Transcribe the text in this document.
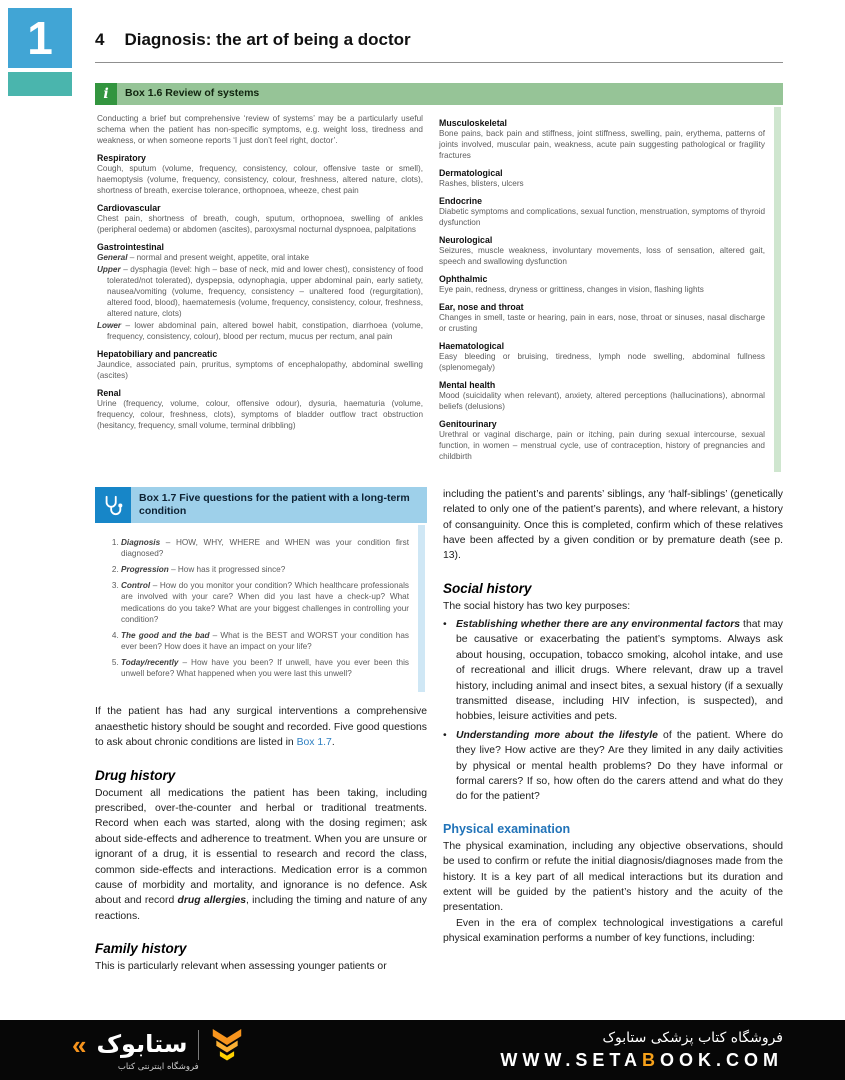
1 4 Diagnosis: the art of being a doctor
i	Box 1.6 Review of systems

Conducting a brief but comprehensive ‘review of systems’ may be a particularly useful schema when the patient has non-specific symptoms, e.g. weight loss, tiredness and weakness, or when someone reports ‘I just don’t feel right, doctor’.

Respiratory
Cough, sputum (volume, frequency, consistency, colour, offensive taste or smell), haemoptysis (volume, frequency, consistency, colour, freshness, altered nature, clots), shortness of breath, exercise tolerance, orthopnoea, wheeze, chest pain
Cardiovascular
Chest pain, shortness of breath, cough, sputum, orthopnoea, swelling of ankles (peripheral oedema) or abdomen (ascites), paroxysmal nocturnal dyspnoea, palpitations
Gastrointestinal
General – normal and present weight, appetite, oral intake
Upper – dysphagia (level: high – base of neck, mid and lower chest), consistency of food tolerated/not tolerated), dyspepsia, odynophagia, upper abdominal pain, early satiety, nausea/vomiting (volume, frequency, consistency – unaltered food (regurgitation), altered food, blood), haematemesis (volume, frequency, consistency, colour, freshness, altered nature, clots)
Lower – lower abdominal pain, altered bowel habit, constipation, diarrhoea (volume, frequency, consistency, colour), blood per rectum, mucus per rectum, anal pain
Hepatobiliary and pancreatic
Jaundice, associated pain, pruritus, symptoms of encephalopathy, abdominal swelling (ascites)
Renal
Urine (frequency, volume, colour, offensive odour), dysuria, haematuria (volume, frequency, colour, freshness, clots), symptoms of bladder outflow tract obstruction (hesitancy, frequency, small volume, terminal dribbling)
Musculoskeletal
Bone pains, back pain and stiffness, joint stiffness, swelling, pain, erythema, patterns of joints involved, muscular pain, weakness, acute pain suggesting pathological or fragility fractures
Dermatological
Rashes, blisters, ulcers
Endocrine
Diabetic symptoms and complications, sexual function, menstruation, symptoms of thyroid dysfunction
Neurological
Seizures, muscle weakness, involuntary movements, loss of sensation, altered gait, speech and swallowing dysfunction
Ophthalmic
Eye pain, redness, dryness or grittiness, changes in vision, flashing lights
Ear, nose and throat
Changes in smell, taste or hearing, pain in ears, nose, throat or sinuses, nasal discharge or crusting
Haematological
Easy bleeding or bruising, tiredness, lymph node swelling, abdominal fullness (splenomegaly)
Mental health
Mood (suicidality when relevant), anxiety, altered perceptions (hallucinations), abnormal beliefs (delusions)
Genitourinary
Urethral or vaginal discharge, pain or itching, pain during sexual intercourse, sexual function, in women – menstrual cycle, use of contraception, history of pregnancies and childbirth
Box 1.7 Five questions for the patient with a long-term condition
1. Diagnosis – HOW, WHY, WHERE and WHEN was your condition first diagnosed?
2. Progression – How has it progressed since?
3. Control – How do you monitor your condition? Which healthcare professionals are involved with your care? When did you last have a check-up? What medications do you take? What are your biggest challenges in controlling your condition?
4. The good and the bad – What is the BEST and WORST your condition has ever been? How does it have an impact on your life?
5. Today/recently – How have you been? If unwell, have you ever been this unwell before? What happened when you were last this unwell?

If the patient has had any surgical interventions a comprehensive anaesthetic history should be sought and recorded. Five good questions to ask about chronic conditions are listed in Box 1.7.

Drug history

Document all medications the patient has been taking, including prescribed, over-the-counter and herbal or traditional treatments. Record when each was started, along with the dosing regimen; ask about side-effects and adherence to treatment. When you are unsure or ignorant of a drug, it is essential to research and record the class, common side-effects and interactions. Medication error is a common cause of morbidity and mortality, and ignorance is no defence. Ask about and record drug allergies, including the timing and nature of any reactions.

Family history

This is particularly relevant when assessing younger patients or

including the patient’s and parents’ siblings, any ‘half-siblings’ (genetically related to only one of the patient’s parents), and where relevant, a history of consanguinity. Once this is completed, confirm which of these relatives have been affected by a given condition or by premature death (see p. 13).

Social history

The social history has two key purposes:

• Establishing whether there are any environmental factors that may be causative or exacerbating the patient’s symptoms. Always ask about housing, occupation, tobacco smoking, alcohol intake, and use of recreational and illicit drugs. Where relevant, draw up a travel history, including animal and insect bites, a sexual history (if a sexually transmitted disease, including HIV infection, is suspected), and hobbies, leisure activities and pets.
• Understanding more about the lifestyle of the patient. Where do they live? How active are they? Are they limited in any daily activities by physical or mental health problems? Do they have informal or formal carers? If so, how often do the carers attend and what do they do for the patient?
Physical examination

The physical examination, including any objective observations, should be used to confirm or refute the initial diagnosis/diagnoses made from the history. It is a key part of all medical interactions but its duration and extent will be guided by the patient’s history and the acuity of the presentation.

Even in the era of complex technological investigations a careful physical examination performs a number of key functions, including:

« ستابوک
فروشگاه اینترنتی کتاب
فروشگاه کتاب پزشکی ستابوک
WWW.SETABOOK.COM
